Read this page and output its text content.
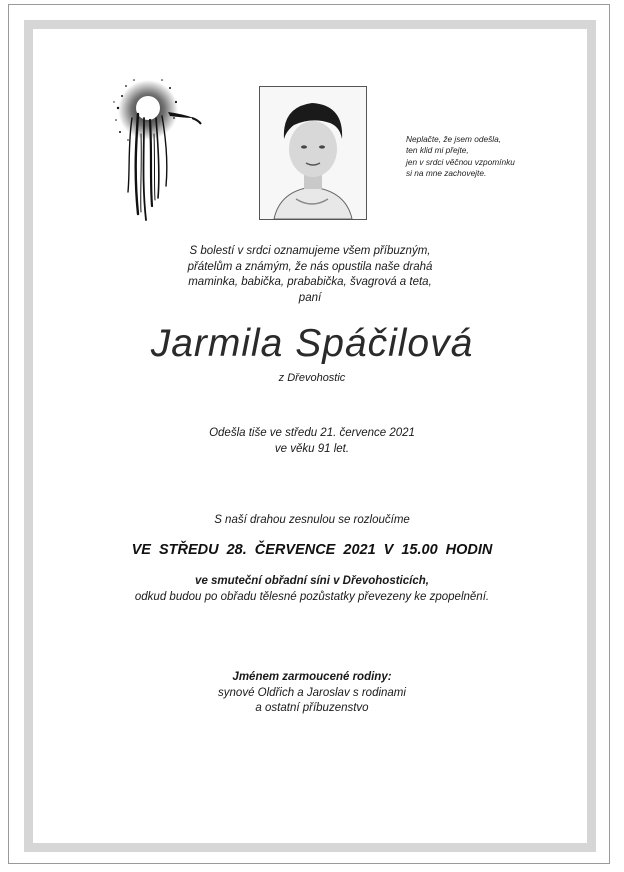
Neplačte, že jsem odešla,
ten klid mi přejte,
jen v srdci věčnou vzpomínku
si na mne zachovejte.
S bolestí v srdci oznamujeme všem příbuzným,
přátelům a známým, že nás opustila naše drahá
maminka, babička, prababička, švagrová a teta,
paní
Jarmila Spáčilová
z Dřevohostic
Odešla tiše ve středu 21. července 2021
ve věku 91 let.
S naší drahou zesnulou se rozloučíme
VE STŘEDU 28. ČERVENCE 2021 V 15.00 HODIN
ve smuteční obřadní síni v Dřevohosticích,
odkud budou po obřadu tělesné pozůstatky převezeny ke zpopelnění.
Jménem zarmoucené rodiny:
synové Oldřich a Jaroslav s rodinami
a ostatní příbuzenstvo
